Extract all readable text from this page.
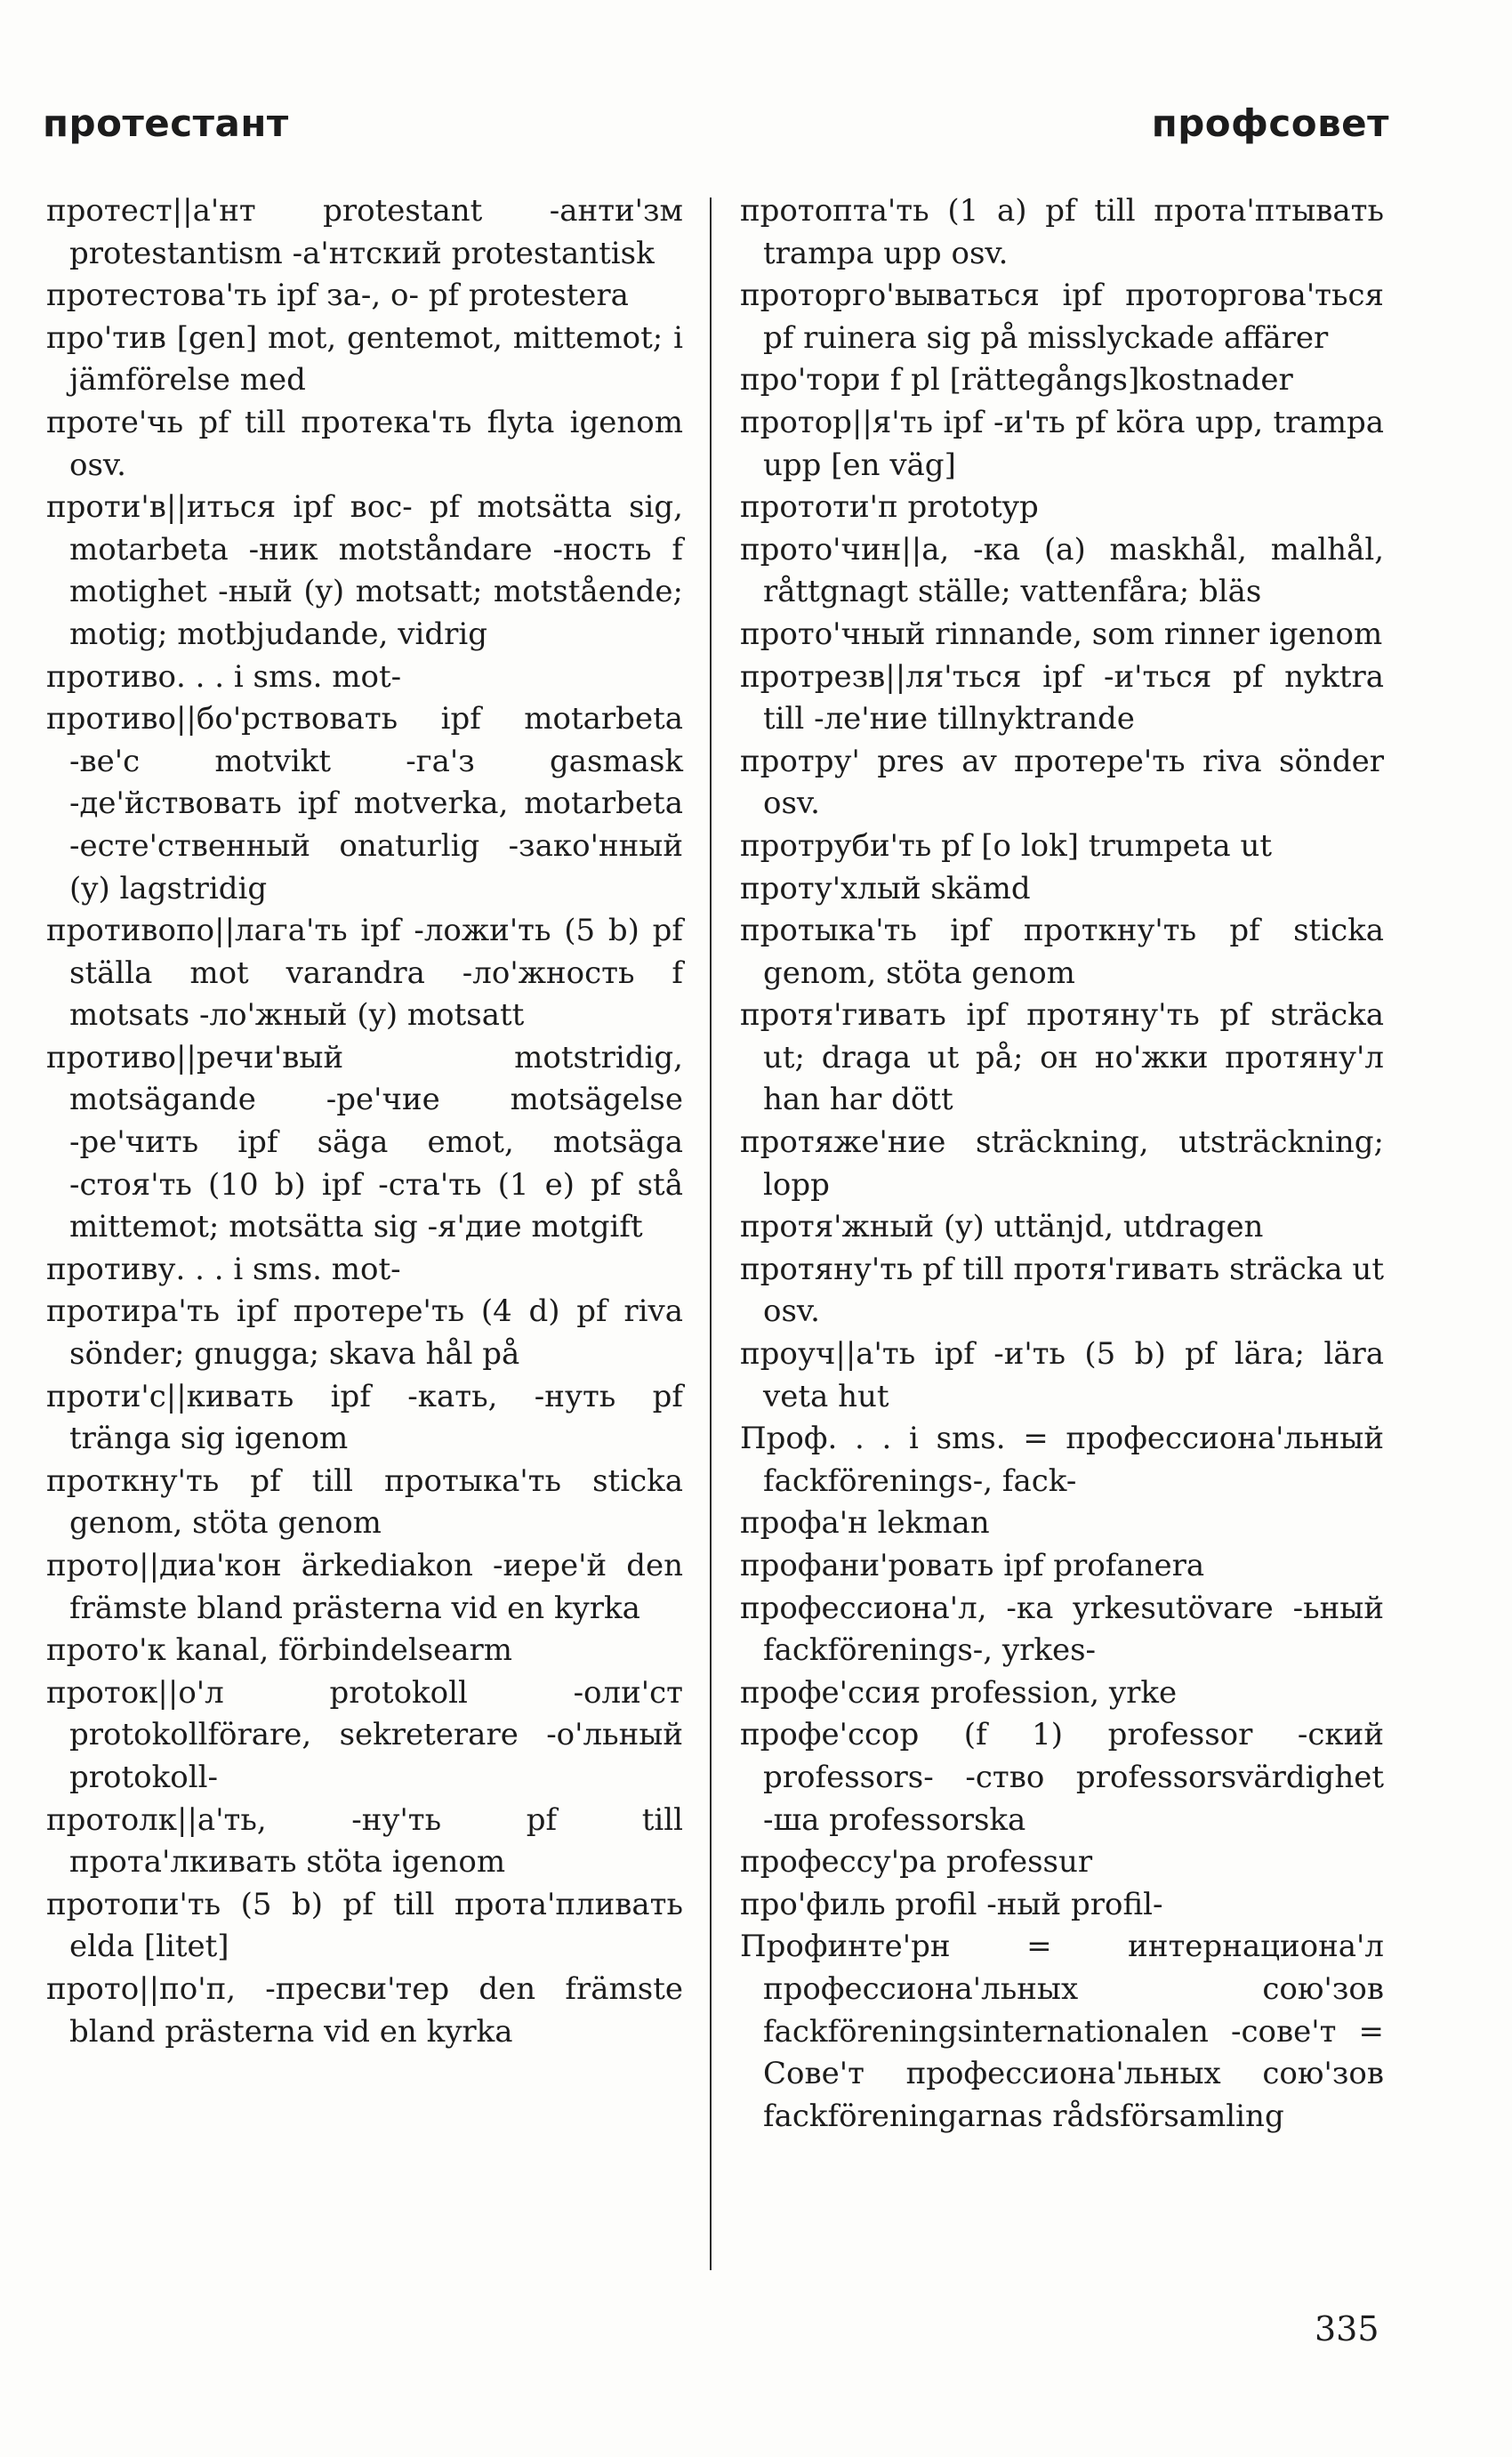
протестант	профсовет

протест||а'нт protestant -анти'зм protestantism -а'нтский protestantisk

протестова'ть ipf за-, о- pf protestera

про'тив [gen] mot, gentemot, mittemot; i jämförelse med

проте'чь pf till протека'ть flyta igenom osv.

проти'в||иться ipf вос- pf motsätta sig, motarbeta -ник motståndare -ность f motighet -ный (y) motsatt; motstående; motig; motbjudande, vidrig

противо. . . i sms. mot-

противо||бо'рствовать ipf motarbeta -ве'с motvikt -га'з gasmask -де'йствовать ipf motverka, motarbeta -есте'ственный onaturlig -зако'нный (y) lagstridig

противопо||лага'ть ipf -ложи'ть (5 b) pf ställa mot varandra -ло'жность f motsats -ло'жный (y) motsatt

противо||речи'вый motstridig, motsägande -ре'чие motsägelse -ре'чить ipf säga emot, motsäga -стоя'ть (10 b) ipf -ста'ть (1 e) pf stå mittemot; motsätta sig -я'дие motgift

противу. . . i sms. mot-

протира'ть ipf протере'ть (4 d) pf riva sönder; gnugga; skava hål på

проти'с||кивать ipf -кать, -нуть pf tränga sig igenom

проткну'ть pf till протыка'ть sticka genom, stöta genom

прото||диа'кон ärkediakon -иере'й den främste bland prästerna vid en kyrka

прото'к kanal, förbindelsearm

проток||о'л protokoll -оли'ст protokollförare, sekreterare -о'льный protokoll-

протолк||а'ть, -ну'ть pf till прота'лкивать stöta igenom

протопи'ть (5 b) pf till прота'пливать elda [litet]

прото||по'п, -пресви'тер den främste bland prästerna vid en kyrka

протопта'ть (1 a) pf till прота'птывать trampa upp osv.

проторго'вываться ipf проторгова'ться pf ruinera sig på misslyckade affärer

про'тори f pl [rättegångs]kostnader

протор||я'ть ipf -и'ть pf köra upp, trampa upp [en väg]

прототи'п prototyp

прото'чин||а, -ка (a) maskhål, malhål, råttgnagt ställe; vattenfåra; bläs

прото'чный rinnande, som rinner igenom

протрезв||ля'ться ipf -и'ться pf nyktra till -ле'ние tillnyktrande

протру' pres av протере'ть riva sönder osv.

протруби'ть pf [o lok] trumpeta ut

проту'хлый skämd

протыка'ть ipf проткну'ть pf sticka genom, stöta genom

протя'гивать ipf протяну'ть pf sträcka ut; draga ut på; он но'жки протяну'л han har dött

протяже'ние sträckning, utsträckning; lopp

протя'жный (y) uttänjd, utdragen

протяну'ть pf till протя'гивать sträcka ut osv.

проуч||а'ть ipf -и'ть (5 b) pf lära; lära veta hut

Проф. . . i sms. = профессиона'льный fackförenings-, fack-

профа'н lekman

профани'ровать ipf profanera

профессиона'л, -ка yrkesutövare -ьный fackförenings-, yrkes-

профе'ссия profession, yrke

профе'ссор (f 1) professor -ский professors- -ство professorsvärdighet -ша professorska

профессу'ра professur

про'филь profil -ный profil-

Профинте'рн = интернациона'л профессиона'льных сою'зов fackföreningsinternationalen -сове'т = Сове'т профессиона'льных сою'зов fackföreningarnas rådsförsamling

335
